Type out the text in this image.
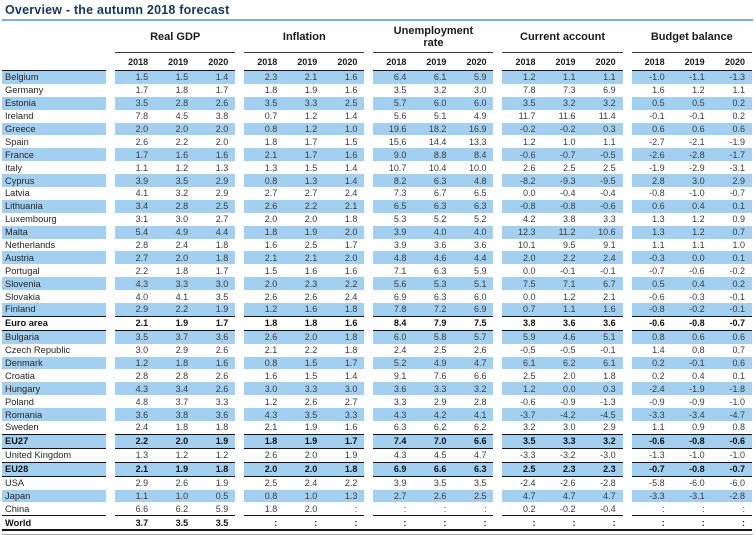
Overview - the autumn 2018 forecast

		Real GDP				Inflation				Unemployment rate				Current account				Budget balance		

		2018	2019	2020		2018	2019	2020		2018	2019	2020		2018	2019	2020		2018	2019	2020
Belgium		1.5	1.5	1.4		2.3	2.1	1.6		6.4	6.1	5.9		1.2	1.1	1.1		-1.0	-1.1	-1.3
Germany		1.7	1.8	1.7		1.8	1.9	1.6		3.5	3.2	3.0		7.8	7.3	6.9		1.6	1.2	1.1
Estonia		3.5	2.8	2.6		3.5	3.3	2.5		5.7	6.0	6.0		3.5	3.2	3.2		0.5	0.5	0.2
Ireland		7.8	4.5	3.8		0.7	1.2	1.4		5.6	5.1	4.9		11.7	11.6	11.4		-0.1	-0.1	0.2
Greece		2.0	2.0	2.0		0.8	1.2	1.0		19.6	18.2	16.9		-0.2	-0.2	0.3		0.6	0.6	0.6
Spain		2.6	2.2	2.0		1.8	1.7	1.5		15.6	14.4	13.3		1.2	1.0	1.1		-2.7	-2.1	-1.9
France		1.7	1.6	1.6		2.1	1.7	1.6		9.0	8.8	8.4		-0.6	-0.7	-0.5		-2.6	-2.8	-1.7
Italy		1.1	1.2	1.3		1.3	1.5	1.4		10.7	10.4	10.0		2.6	2.5	2.5		-1.9	-2.9	-3.1
Cyprus		3.9	3.5	2.9		0.8	1.3	1.4		8.2	6.3	4.8		-8.2	-9.3	-9.5		2.8	3.0	2.9
Latvia		4.1	3.2	2.9		2.7	2.7	2.4		7.3	6.7	6.5		0.0	-0.4	-0.4		-0.8	-1.0	-0.7
Lithuania		3.4	2.8	2.5		2.6	2.2	2.1		6.5	6.3	6.3		-0.8	-0.8	-0.6		0.6	0.4	0.1
Luxembourg		3.1	3.0	2.7		2.0	2.0	1.8		5.3	5.2	5.2		4.2	3.8	3.3		1.3	1.2	0.9
Malta		5.4	4.9	4.4		1.8	1.9	2.0		3.9	4.0	4.0		12.3	11.2	10.6		1.3	1.2	0.7
Netherlands		2.8	2.4	1.8		1.6	2.5	1.7		3.9	3.6	3.6		10.1	9.5	9.1		1.1	1.1	1.0
Austria		2.7	2.0	1.8		2.1	2.1	2.0		4.8	4.6	4.4		2.0	2.2	2.4		-0.3	0.0	0.1
Portugal		2.2	1.8	1.7		1.5	1.6	1.6		7.1	6.3	5.9		0.0	-0.1	-0.1		-0.7	-0.6	-0.2
Slovenia		4.3	3.3	3.0		2.0	2.3	2.2		5.6	5.3	5.1		7.5	7.1	6.7		0.5	0.4	0.2
Slovakia		4.0	4.1	3.5		2.6	2.6	2.4		6.9	6.3	6.0		0.0	1.2	2.1		-0.6	-0.3	-0.1
Finland		2.9	2.2	1.9		1.2	1.6	1.8		7.8	7.2	6.9		0.7	1.1	1.6		-0.8	-0.2	-0.1
Euro area		2.1	1.9	1.7		1.8	1.8	1.6		8.4	7.9	7.5		3.8	3.6	3.6		-0.6	-0.8	-0.7
Bulgaria		3.5	3.7	3.6		2.6	2.0	1.8		6.0	5.8	5.7		5.9	4.6	5.1		0.8	0.6	0.6
Czech Republic		3.0	2.9	2.6		2.1	2.2	1.8		2.4	2.5	2.6		-0.5	-0.5	-0.1		1.4	0.8	0.7
Denmark		1.2	1.8	1.6		0.8	1.5	1.7		5.2	4.9	4.7		6.1	6.2	6.1		0.2	-0.1	0.6
Croatia		2.8	2.8	2.6		1.6	1.5	1.4		9.1	7.6	6.6		2.5	2.0	1.8		0.2	0.4	0.1
Hungary		4.3	3.4	2.6		3.0	3.3	3.0		3.6	3.3	3.2		1.2	0.0	0.3		-2.4	-1.9	-1.8
Poland		4.8	3.7	3.3		1.2	2.6	2.7		3.3	2.9	2.8		-0.6	-0.9	-1.3		-0.9	-0.9	-1.0
Romania		3.6	3.8	3.6		4.3	3.5	3.3		4.3	4.2	4.1		-3.7	-4.2	-4.5		-3.3	-3.4	-4.7
Sweden		2.4	1.8	1.8		2.1	1.9	1.6		6.3	6.2	6.2		3.2	3.0	2.9		1.1	0.9	0.8
EU27		2.2	2.0	1.9		1.8	1.9	1.7		7.4	7.0	6.6		3.5	3.3	3.2		-0.6	-0.8	-0.6
United Kingdom		1.3	1.2	1.2		2.6	2.0	1.9		4.3	4.5	4.7		-3.3	-3.2	-3.0		-1.3	-1.0	-1.0
EU28		2.1	1.9	1.8		2.0	2.0	1.8		6.9	6.6	6.3		2.5	2.3	2.3		-0.7	-0.8	-0.7
USA		2.9	2.6	1.9		2.5	2.4	2.2		3.9	3.5	3.5		-2.4	-2.6	-2.8		-5.8	-6.0	-6.0
Japan		1.1	1.0	0.5		0.8	1.0	1.3		2.7	2.6	2.5		4.7	4.7	4.7		-3.3	-3.1	-2.8
China		6.6	6.2	5.9		1.8	2.0	:		:	:	:		0.2	-0.2	-0.4		:	:	:
World		3.7	3.5	3.5		:	:	:		:	:	:		:	:	:		:	:	:
